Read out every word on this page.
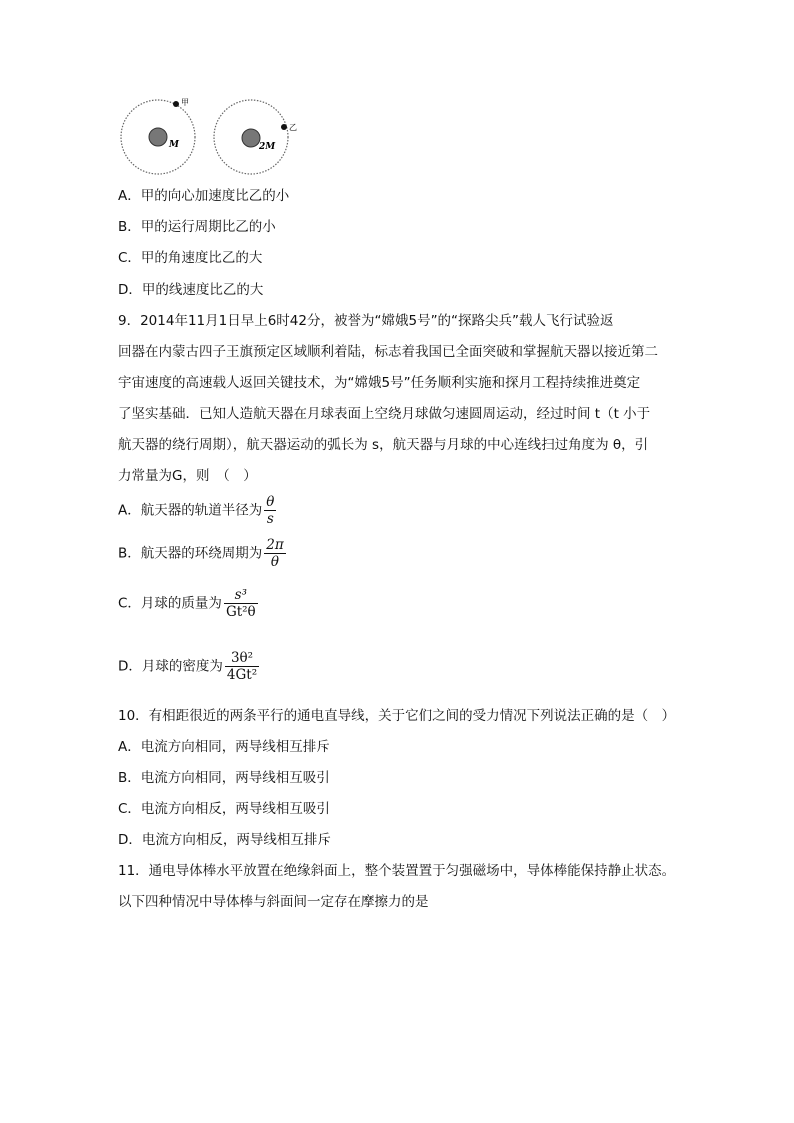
M
甲
2M
乙
A．甲的向心加速度比乙的小
B．甲的运行周期比乙的小
C．甲的角速度比乙的大
D．甲的线速度比乙的大
9．2014年11月1日早上6时42分，被誉为“嫦娥5号”的“探路尖兵”载人飞行试验返
回器在内蒙古四子王旗预定区域顺利着陆，标志着我国已全面突破和掌握航天器以接近第二
宇宙速度的高速载人返回关键技术，为“嫦娥5号”任务顺利实施和探月工程持续推进奠定
了坚实基础．已知人造航天器在月球表面上空绕月球做匀速圆周运动，经过时间 t（t 小于
航天器的绕行周期），航天器运动的弧长为 s，航天器与月球的中心连线扫过角度为 θ，引
力常量为G，则　（　）
A．航天器的轨道半径为 $\frac{\theta}{s}$
B．航天器的环绕周期为 $\frac{2\pi}{\theta}$
C．月球的质量为 $\frac{\text{s³}}{\text{Gt²θ}}$
D．月球的密度为 $\frac{\text{3θ²}}{\text{4Gt²}}$
10．有相距很近的两条平行的通电直导线，关于它们之间的受力情况下列说法正确的是（　）
A．电流方向相同，两导线相互排斥
B．电流方向相同，两导线相互吸引
C．电流方向相反，两导线相互吸引
D．电流方向相反，两导线相互排斥
11．通电导体棒水平放置在绝缘斜面上，整个装置置于匀强磁场中，导体棒能保持静止状态。
以下四种情况中导体棒与斜面间一定存在摩擦力的是
